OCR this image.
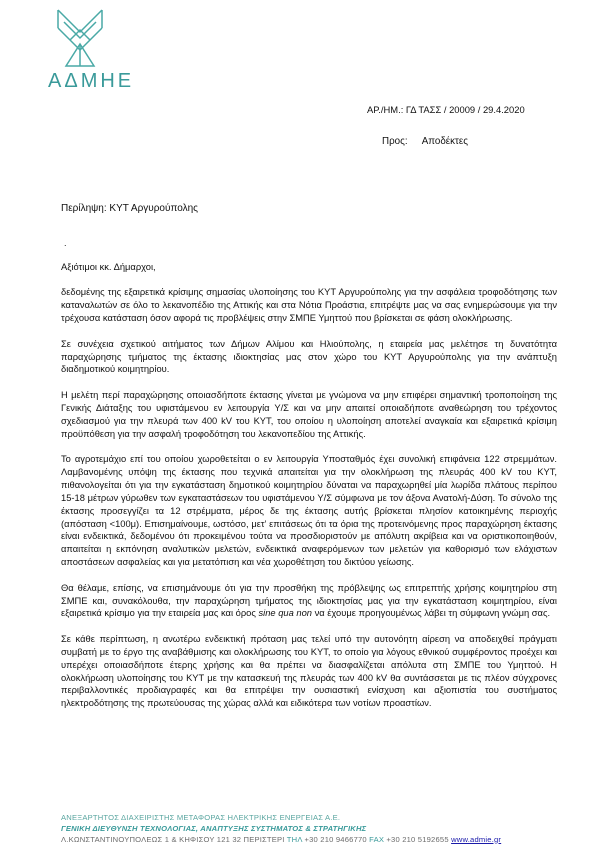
ΑΔΜΗΕ
ΑΡ./ΗΜ.: ΓΔ ΤΑΣΣ / 20009 / 29.4.2020
Προς: Αποδέκτες
Περίληψη: ΚΥΤ Αργυρούπολης
.

Αξιότιμοι κκ. Δήμαρχοι,

δεδομένης της εξαιρετικά κρίσιμης σημασίας υλοποίησης του ΚΥΤ Αργυρούπολης για την ασφάλεια τροφοδότησης των καταναλωτών σε όλο το λεκανοπέδιο της Αττικής και στα Νότια Προάστια, επιτρέψτε μας να σας ενημερώσουμε για την τρέχουσα κατάσταση όσον αφορά τις προβλέψεις στην ΣΜΠΕ Υμηττού που βρίσκεται σε φάση ολοκλήρωσης.

Σε συνέχεια σχετικού αιτήματος των Δήμων Αλίμου και Ηλιούπολης, η εταιρεία μας μελέτησε τη δυνατότητα παραχώρησης τμήματος της έκτασης ιδιοκτησίας μας στον χώρο του ΚΥΤ Αργυρούπολης για την ανάπτυξη διαδημοτικού κοιμητηρίου.

Η μελέτη περί παραχώρησης οποιασδήποτε έκτασης γίνεται με γνώμονα να μην επιφέρει σημαντική τροποποίηση της Γενικής Διάταξης του υφιστάμενου εν λειτουργία Υ/Σ και να μην απαιτεί οποιαδήποτε αναθεώρηση του τρέχοντος σχεδιασμού για την πλευρά των 400 kV του ΚΥΤ, του οποίου η υλοποίηση αποτελεί αναγκαία και εξαιρετικά κρίσιμη προϋπόθεση για την ασφαλή τροφοδότηση του λεκανοπεδίου της Αττικής.

Το αγροτεμάχιο επί του οποίου χωροθετείται ο εν λειτουργία Υποσταθμός έχει συνολική επιφάνεια 122 στρεμμάτων. Λαμβανομένης υπόψη της έκτασης που τεχνικά απαιτείται για την ολοκλήρωση της πλευράς 400 kV του ΚΥΤ, πιθανολογείται ότι για την εγκατάσταση δημοτικού κοιμητηρίου δύναται να παραχωρηθεί μία λωρίδα πλάτους περίπου 15-18 μέτρων γύρωθεν των εγκαταστάσεων του υφιστάμενου Υ/Σ σύμφωνα με τον άξονα Ανατολή-Δύση. Το σύνολο της έκτασης προσεγγίζει τα 12 στρέμματα, μέρος δε της έκτασης αυτής βρίσκεται πλησίον κατοικημένης περιοχής (απόσταση <100μ). Επισημαίνουμε, ωστόσο, μετ’ επιτάσεως ότι τα όρια της προτεινόμενης προς παραχώρηση έκτασης είναι ενδεικτικά, δεδομένου ότι προκειμένου τούτα να προσδιοριστούν με απόλυτη ακρίβεια και να οριστικοποιηθούν, απαιτείται η εκπόνηση αναλυτικών μελετών, ενδεικτικά αναφερόμενων των μελετών για καθορισμό των ελάχιστων αποστάσεων ασφαλείας και για μετατόπιση και νέα χωροθέτηση του δικτύου γείωσης.

Θα θέλαμε, επίσης, να επισημάνουμε ότι για την προσθήκη της πρόβλεψης ως επιτρεπτής χρήσης κοιμητηρίου στη ΣΜΠΕ και, συνακόλουθα, την παραχώρηση τμήματος της ιδιοκτησίας μας για την εγκατάσταση κοιμητηρίου, είναι εξαιρετικά κρίσιμο για την εταιρεία μας και όρος sine qua non να έχουμε προηγουμένως λάβει τη σύμφωνη γνώμη σας.

Σε κάθε περίπτωση, η ανωτέρω ενδεικτική πρόταση μας τελεί υπό την αυτονόητη αίρεση να αποδειχθεί πράγματι συμβατή με το έργο της αναβάθμισης και ολοκλήρωσης του ΚΥΤ, το οποίο για λόγους εθνικού συμφέροντος προέχει και υπερέχει οποιασδήποτε έτερης χρήσης και θα πρέπει να διασφαλίζεται απόλυτα στη ΣΜΠΕ του Υμηττού. Η ολοκλήρωση υλοποίησης του ΚΥΤ με την κατασκευή της πλευράς των 400 kV θα συντάσσεται με τις πλέον σύγχρονες περιβαλλοντικές προδιαγραφές και θα επιτρέψει την ουσιαστική ενίσχυση και αξιοπιστία του συστήματος ηλεκτροδότησης της πρωτεύουσας της χώρας αλλά και ειδικότερα των νοτίων προαστίων.

ΑΝΕΞΑΡΤΗΤΟΣ ΔΙΑΧΕΙΡΙΣΤΗΣ ΜΕΤΑΦΟΡΑΣ ΗΛΕΚΤΡΙΚΗΣ ΕΝΕΡΓΕΙΑΣ Α.Ε.
ΓΕΝΙΚΗ ΔΙΕΥΘΥΝΣΗ ΤΕΧΝΟΛΟΓΙΑΣ, ΑΝΑΠΤΥΞΗΣ ΣΥΣΤΗΜΑΤΟΣ & ΣΤΡΑΤΗΓΙΚΗΣ
Λ.ΚΩΝΣΤΑΝΤΙΝΟΥΠΟΛΕΩΣ 1 & ΚΗΦΙΣΟΥ 121 32 ΠΕΡΙΣΤΕΡΙ ΤΗΛ +30 210 9466770 FAX +30 210 5192655 www.admie.gr
